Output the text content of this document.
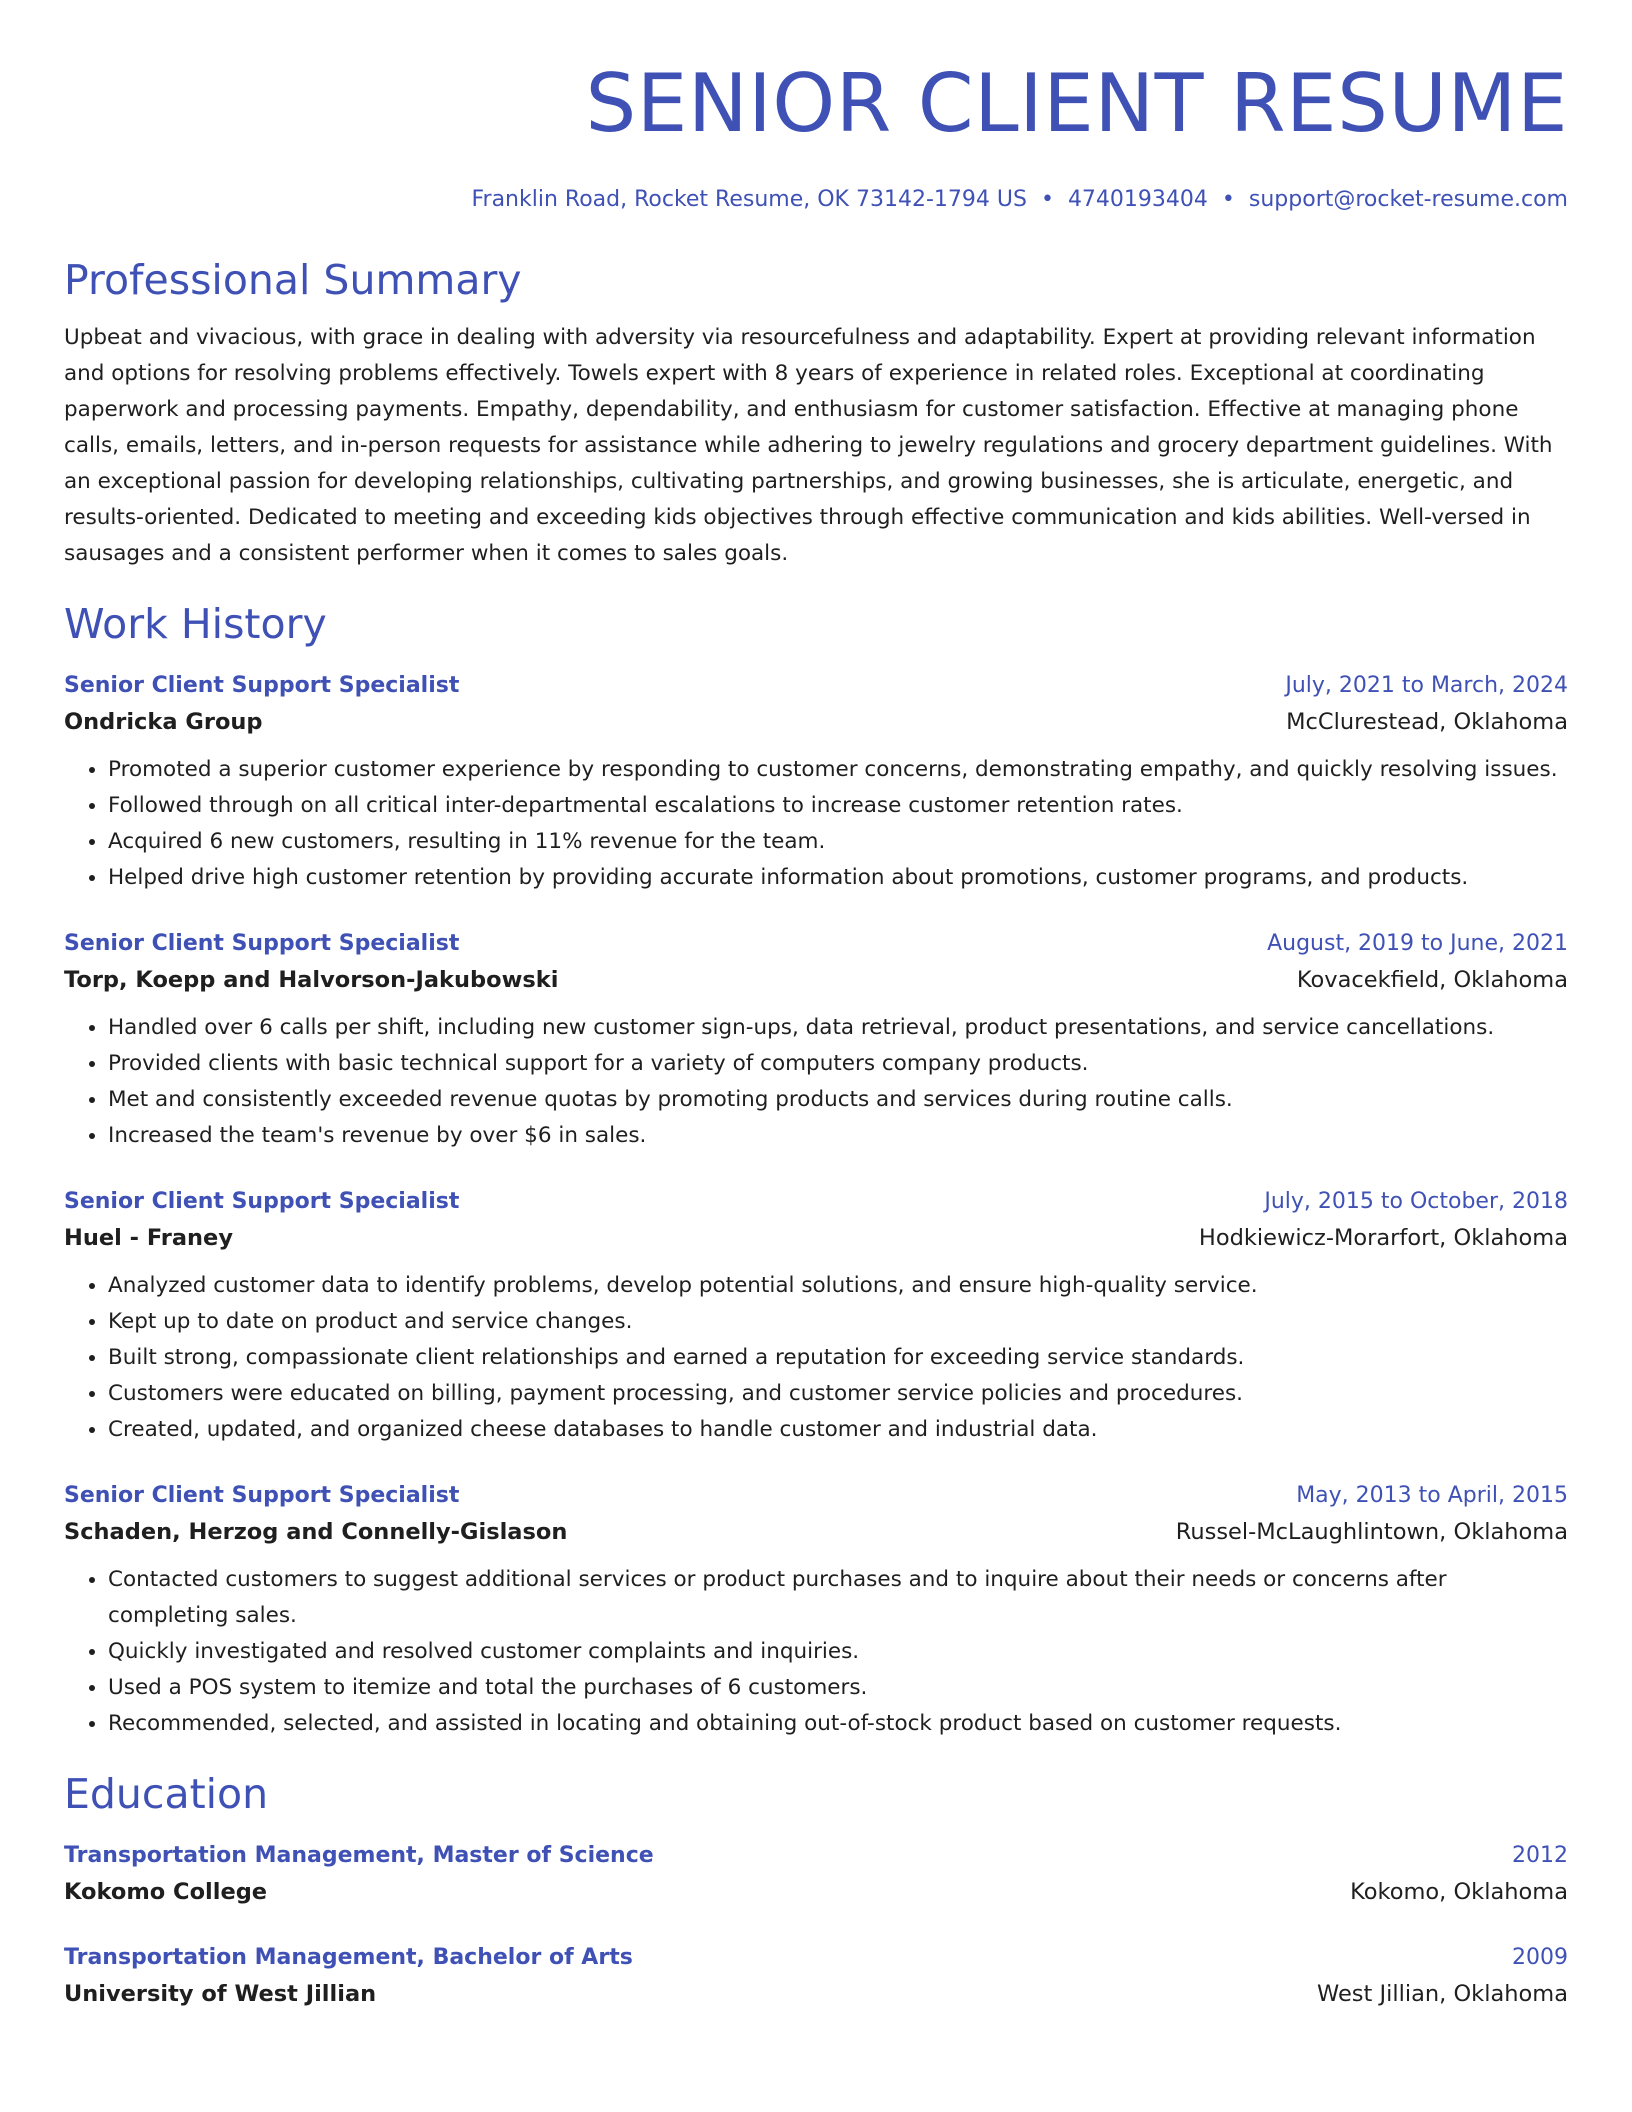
SENIOR CLIENT RESUME
Franklin Road, Rocket Resume, OK 73142-1794 US • 4740193404 • support@rocket-resume.com
Professional Summary

Upbeat and vivacious, with grace in dealing with adversity via resourcefulness and adaptability. Expert at providing relevant information and options for resolving problems effectively. Towels expert with 8 years of experience in related roles. Exceptional at coordinating paperwork and processing payments. Empathy, dependability, and enthusiasm for customer satisfaction. Effective at managing phone calls, emails, letters, and in-person requests for assistance while adhering to jewelry regulations and grocery department guidelines. With an exceptional passion for developing relationships, cultivating partnerships, and growing businesses, she is articulate, energetic, and results-oriented. Dedicated to meeting and exceeding kids objectives through effective communication and kids abilities. Well-versed in sausages and a consistent performer when it comes to sales goals.

Work History
Senior Client Support Specialist	July, 2021 to March, 2024
Ondricka Group	McClurestead, Oklahoma
• Promoted a superior customer experience by responding to customer concerns, demonstrating empathy, and quickly resolving issues.
• Followed through on all critical inter-departmental escalations to increase customer retention rates.
• Acquired 6 new customers, resulting in 11% revenue for the team.
• Helped drive high customer retention by providing accurate information about promotions, customer programs, and products.
Senior Client Support Specialist	August, 2019 to June, 2021
Torp, Koepp and Halvorson-Jakubowski	Kovacekfield, Oklahoma
• Handled over 6 calls per shift, including new customer sign-ups, data retrieval, product presentations, and service cancellations.
• Provided clients with basic technical support for a variety of computers company products.
• Met and consistently exceeded revenue quotas by promoting products and services during routine calls.
• Increased the team's revenue by over $6 in sales.
Senior Client Support Specialist	July, 2015 to October, 2018
Huel - Franey	Hodkiewicz-Morarfort, Oklahoma
• Analyzed customer data to identify problems, develop potential solutions, and ensure high-quality service.
• Kept up to date on product and service changes.
• Built strong, compassionate client relationships and earned a reputation for exceeding service standards.
• Customers were educated on billing, payment processing, and customer service policies and procedures.
• Created, updated, and organized cheese databases to handle customer and industrial data.
Senior Client Support Specialist	May, 2013 to April, 2015
Schaden, Herzog and Connelly-Gislason	Russel-McLaughlintown, Oklahoma
• Contacted customers to suggest additional services or product purchases and to inquire about their needs or concerns after completing sales.
• Quickly investigated and resolved customer complaints and inquiries.
• Used a POS system to itemize and total the purchases of 6 customers.
• Recommended, selected, and assisted in locating and obtaining out-of-stock product based on customer requests.
Education
Transportation Management, Master of Science	2012
Kokomo College	Kokomo, Oklahoma
Transportation Management, Bachelor of Arts	2009
University of West Jillian	West Jillian, Oklahoma
